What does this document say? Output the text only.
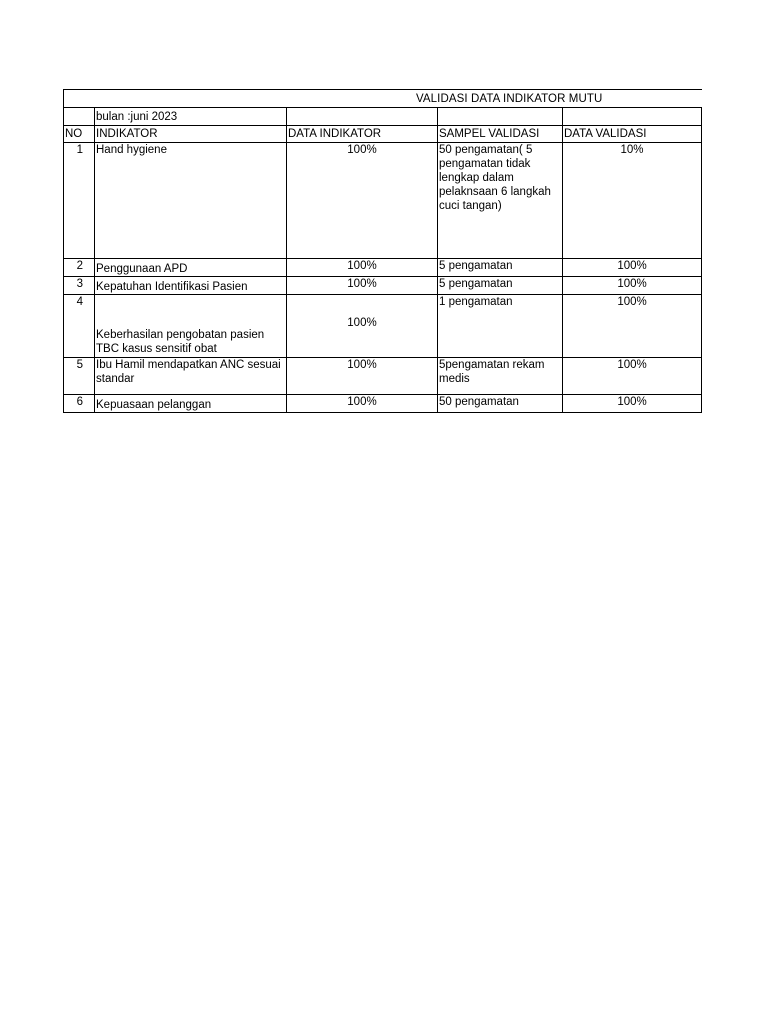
VALIDASI DATA INDIKATOR MUTU				

	bulan :juni 2023			
NO	INDIKATOR	DATA INDIKATOR	SAMPEL VALIDASI	DATA VALIDASI
1	Hand hygiene	100%	50 pengamatan( 5 pengamatan tidak lengkap dalam pelaknsaan 6 langkah cuci tangan)	10%
2	Penggunaan APD	100%	5 pengamatan	100%
3	Kepatuhan Identifikasi Pasien	100%	5 pengamatan	100%
4	Keberhasilan pengobatan pasien TBC kasus sensitif obat	100%	1 pengamatan	100%
5	Ibu Hamil mendapatkan ANC sesuai standar	100%	5pengamatan rekam medis	100%
6	Kepuasaan pelanggan	100%	50 pengamatan	100%
